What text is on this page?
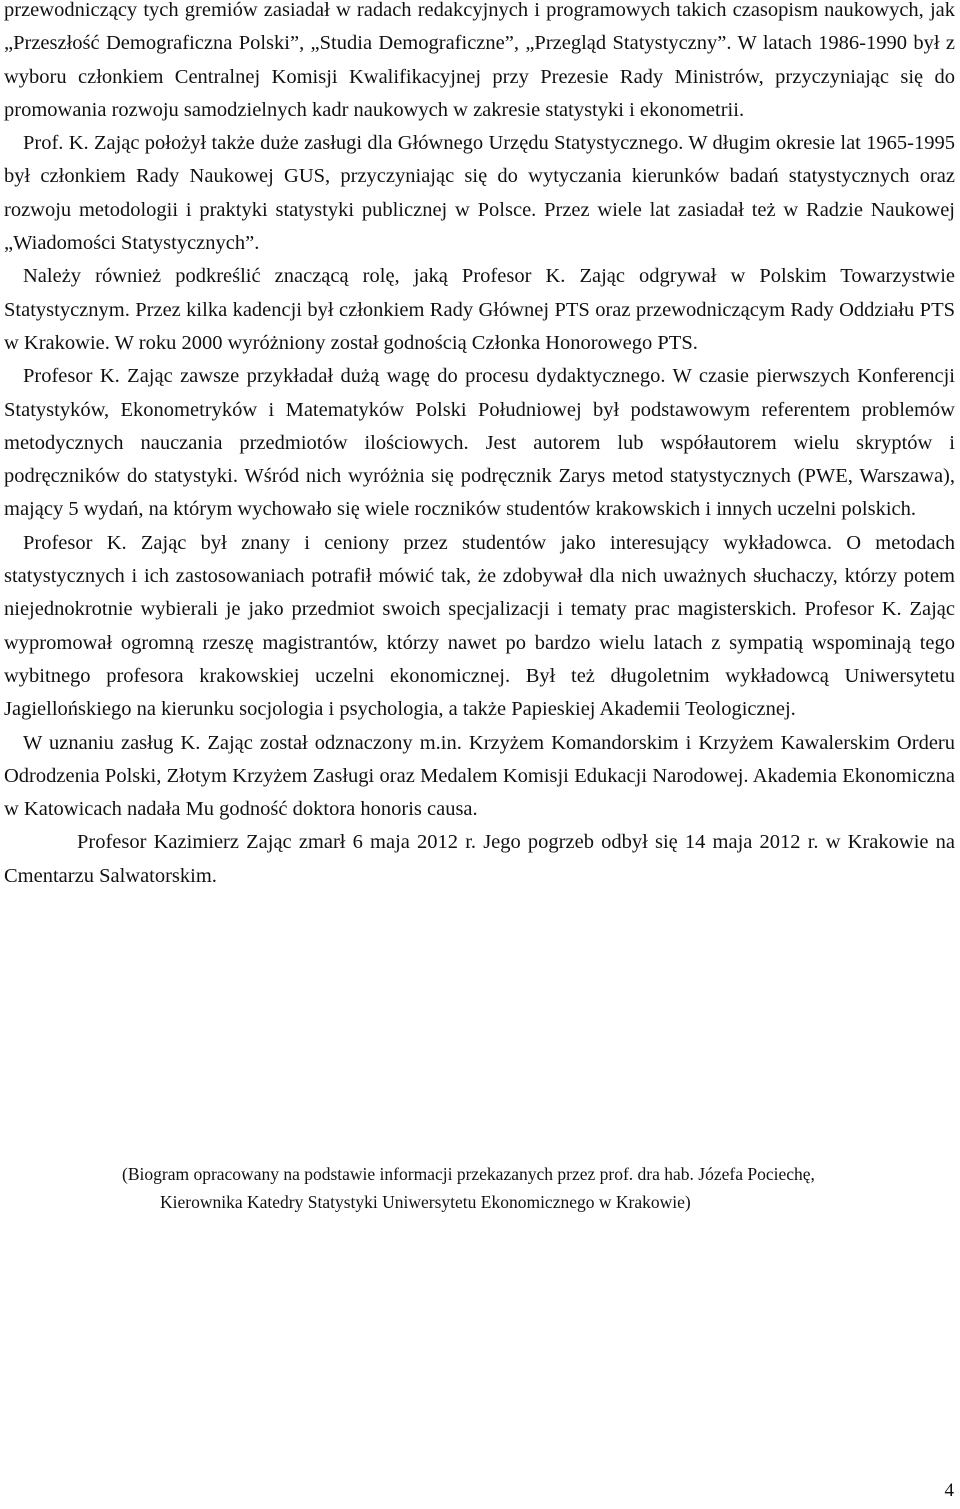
przewodniczący tych gremiów zasiadał w radach redakcyjnych i programowych takich czasopism naukowych, jak „Przeszłość Demograficzna Polski”, „Studia Demograficzne”, „Przegląd Statystyczny”. W latach 1986-1990 był z wyboru członkiem Centralnej Komisji Kwalifikacyjnej przy Prezesie Rady Ministrów, przyczyniając się do promowania rozwoju samodzielnych kadr naukowych w zakresie statystyki i ekonometrii.

Prof. K. Zając położył także duże zasługi dla Głównego Urzędu Statystycznego. W długim okresie lat 1965-1995 był członkiem Rady Naukowej GUS, przyczyniając się do wytyczania kierunków badań statystycznych oraz rozwoju metodologii i praktyki statystyki publicznej w Polsce. Przez wiele lat zasiadał też w Radzie Naukowej „Wiadomości Statystycznych”.

Należy również podkreślić znaczącą rolę, jaką Profesor K. Zając odgrywał w Polskim Towarzystwie Statystycznym. Przez kilka kadencji był członkiem Rady Głównej PTS oraz przewodniczącym Rady Oddziału PTS w Krakowie. W roku 2000 wyróżniony został godnością Członka Honorowego PTS.

Profesor K. Zając zawsze przykładał dużą wagę do procesu dydaktycznego. W czasie pierwszych Konferencji Statystyków, Ekonometryków i Matematyków Polski Południowej był podstawowym referentem problemów metodycznych nauczania przedmiotów ilościowych. Jest autorem lub współautorem wielu skryptów i podręczników do statystyki. Wśród nich wyróżnia się podręcznik Zarys metod statystycznych (PWE, Warszawa), mający 5 wydań, na którym wychowało się wiele roczników studentów krakowskich i innych uczelni polskich.

Profesor K. Zając był znany i ceniony przez studentów jako interesujący wykładowca. O metodach statystycznych i ich zastosowaniach potrafił mówić tak, że zdobywał dla nich uważnych słuchaczy, którzy potem niejednokrotnie wybierali je jako przedmiot swoich specjalizacji i tematy prac magisterskich. Profesor K. Zając wypromował ogromną rzeszę magistrantów, którzy nawet po bardzo wielu latach z sympatią wspominają tego wybitnego profesora krakowskiej uczelni ekonomicznej. Był też długoletnim wykładowcą Uniwersytetu Jagiellońskiego na kierunku socjologia i psychologia, a także Papieskiej Akademii Teologicznej.

W uznaniu zasług K. Zając został odznaczony m.in. Krzyżem Komandorskim i Krzyżem Kawalerskim Orderu Odrodzenia Polski, Złotym Krzyżem Zasługi oraz Medalem Komisji Edukacji Narodowej. Akademia Ekonomiczna w Katowicach nadała Mu godność doktora honoris causa.

Profesor Kazimierz Zając zmarł 6 maja 2012 r. Jego pogrzeb odbył się 14 maja 2012 r. w Krakowie na Cmentarzu Salwatorskim.

(Biogram opracowany na podstawie informacji przekazanych przez prof. dra hab. Józefa Pociechę,
Kierownika Katedry Statystyki Uniwersytetu Ekonomicznego w Krakowie)

4
